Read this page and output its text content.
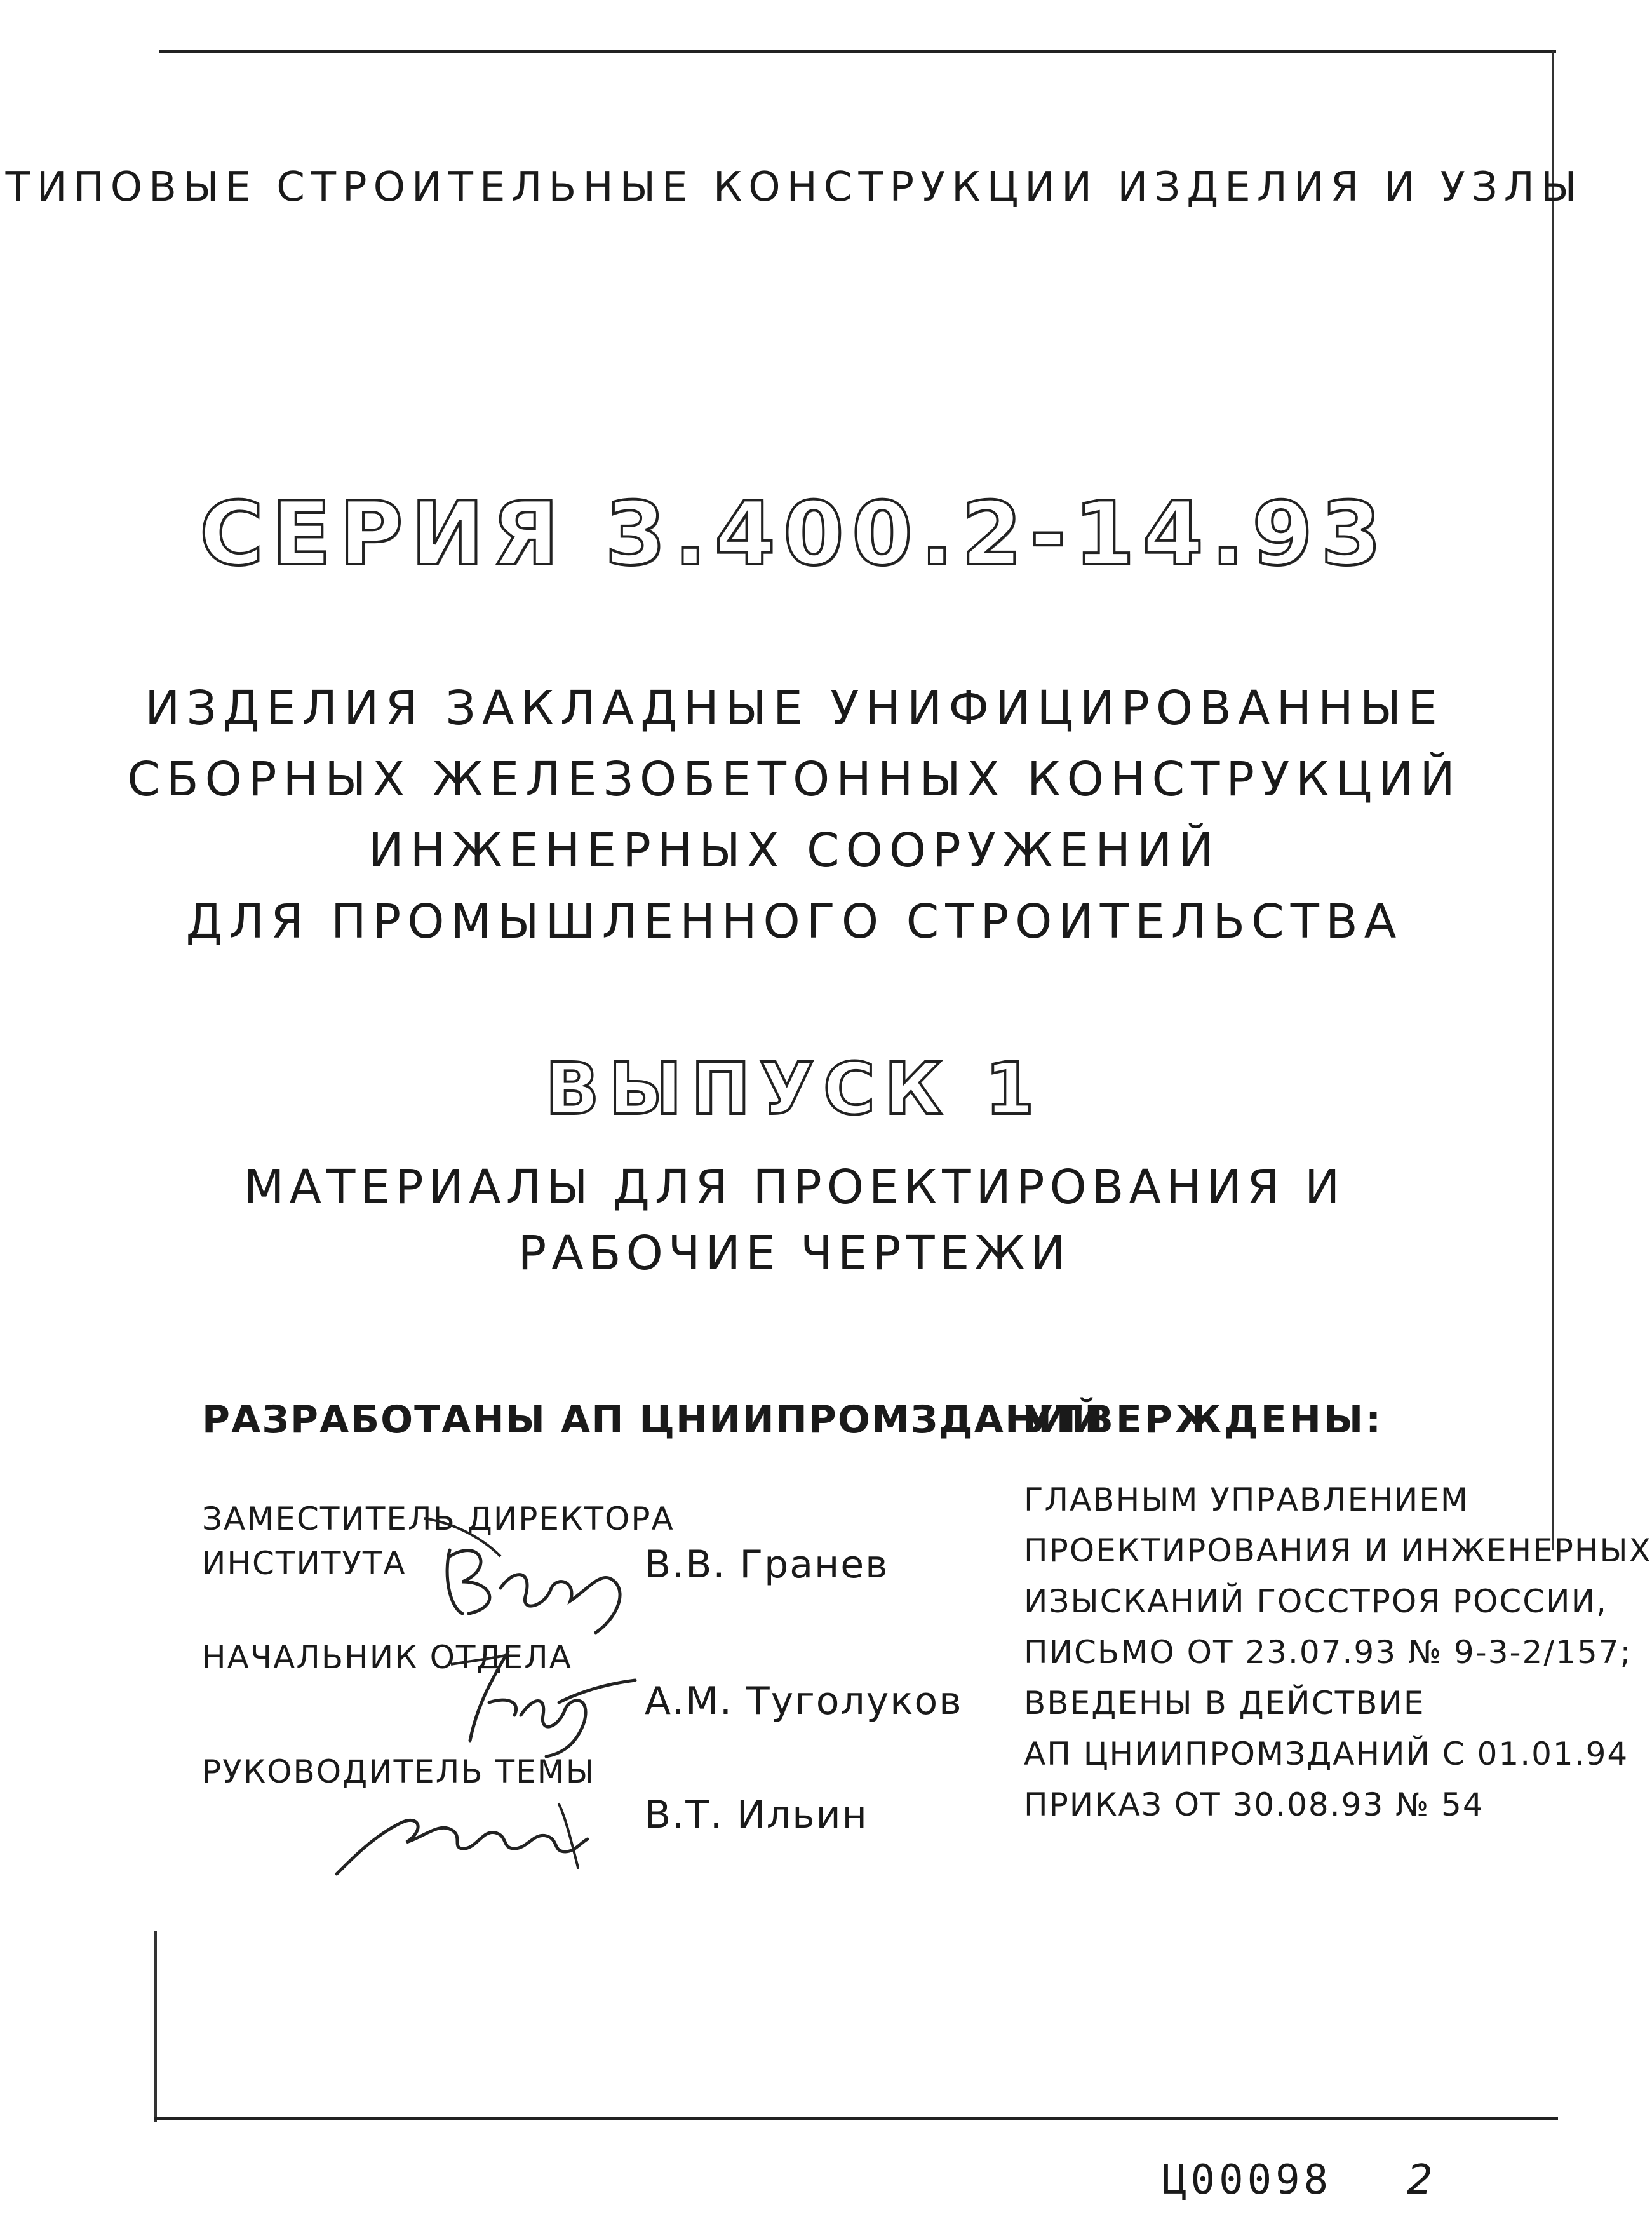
ТИПОВЫЕ СТРОИТЕЛЬНЫЕ КОНСТРУКЦИИ ИЗДЕЛИЯ И УЗЛЫ
СЕРИЯ 3.400.2-14.93
ИЗДЕЛИЯ ЗАКЛАДНЫЕ УНИФИЦИРОВАННЫЕ
СБОРНЫХ ЖЕЛЕЗОБЕТОННЫХ КОНСТРУКЦИЙ
ИНЖЕНЕРНЫХ СООРУЖЕНИЙ
ДЛЯ ПРОМЫШЛЕННОГО СТРОИТЕЛЬСТВА
ВЫПУСК 1
МАТЕРИАЛЫ ДЛЯ ПРОЕКТИРОВАНИЯ И
РАБОЧИЕ ЧЕРТЕЖИ
РАЗРАБОТАНЫ АП ЦНИИПРОМЗДАНИЙ
ЗАМЕСТИТЕЛЬ ДИРЕКТОРА
ИНСТИТУТА	В.В. Гранев
НАЧАЛЬНИК ОТДЕЛА
А.М. Туголуков
РУКОВОДИТЕЛЬ ТЕМЫ
В.Т. Ильин
УТВЕРЖДЕНЫ:
ГЛАВНЫМ УПРАВЛЕНИЕМ
ПРОЕКТИРОВАНИЯ И ИНЖЕНЕРНЫХ
ИЗЫСКАНИЙ ГОССТРОЯ РОССИИ,
ПИСЬМО ОТ 23.07.93 № 9-3-2/157;
ВВЕДЕНЫ В ДЕЙСТВИЕ
АП ЦНИИПРОМЗДАНИЙ С 01.01.94
ПРИКАЗ ОТ 30.08.93 № 54
Ц00098 2
